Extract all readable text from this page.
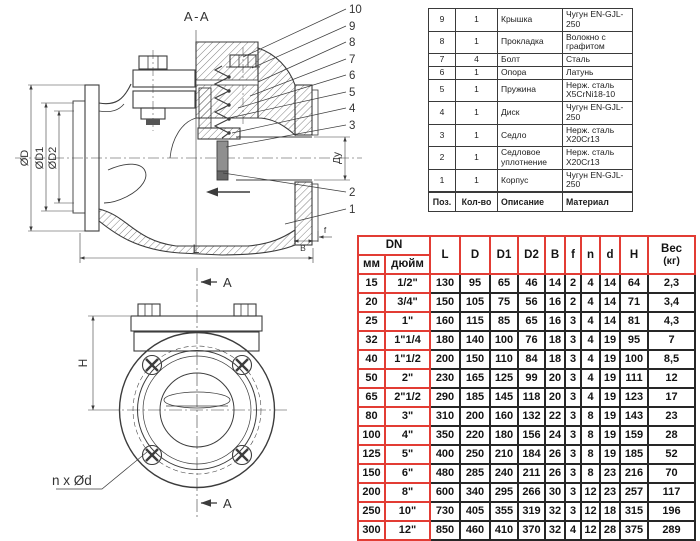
A-A
ØD ØD1 ØD2	Ду
L	B
f
10
9
8
7
6
5
4
3
2
1
A
A
H
n x Ød
9	1	Крышка	Чугун EN-GJL-250
8	1	Прокладка	Волокно с графитом
7	4	Болт	Сталь
6	1	Опора	Латунь
5	1	Пружина	Нерж. сталь X5CrNi18-10
4	1	Диск	Чугун EN-GJL-250
3	1	Седло	Нерж. сталь X20Cr13
2	1	Седловое уплотнение	Нерж. сталь X20Cr13
1	1	Корпус	Чугун EN-GJL-250
Поз.	Кол-во	Описание	Материал
DN		L	D	D1	D2	B	f	n	d	H	Вес
(кг)

мм	дюйм										
15	1/2"	130	95	65	46	14	2	4	14	64	2,3
20	3/4"	150	105	75	56	16	2	4	14	71	3,4
25	1"	160	115	85	65	16	3	4	14	81	4,3
32	1"1/4	180	140	100	76	18	3	4	19	95	7
40	1"1/2	200	150	110	84	18	3	4	19	100	8,5
50	2"	230	165	125	99	20	3	4	19	111	12
65	2"1/2	290	185	145	118	20	3	4	19	123	17
80	3"	310	200	160	132	22	3	8	19	143	23
100	4"	350	220	180	156	24	3	8	19	159	28
125	5"	400	250	210	184	26	3	8	19	185	52
150	6"	480	285	240	211	26	3	8	23	216	70
200	8"	600	340	295	266	30	3	12	23	257	117
250	10"	730	405	355	319	32	3	12	18	315	196
300	12"	850	460	410	370	32	4	12	28	375	289
